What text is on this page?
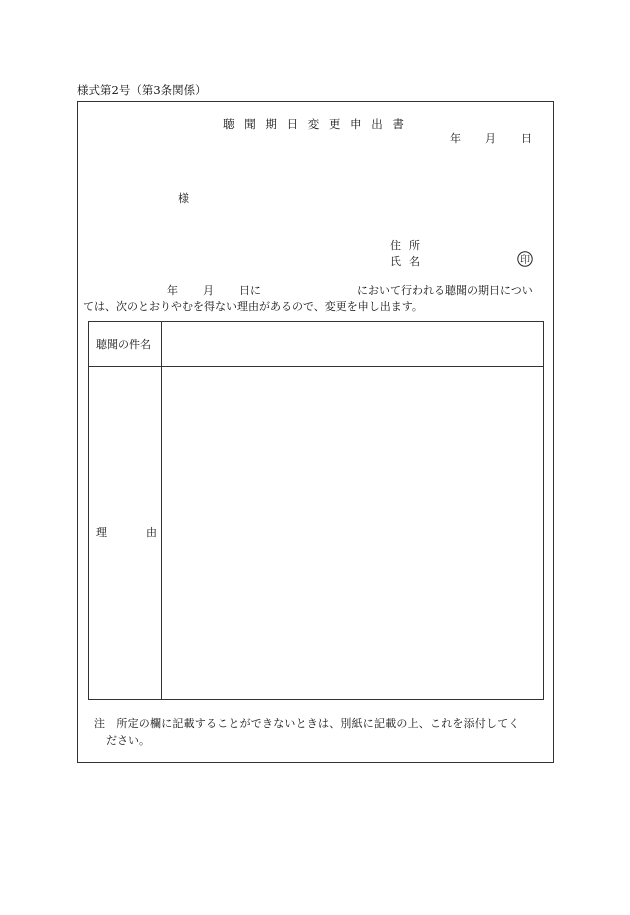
様式第2号（第3条関係）
聴 聞 期 日 変 更 申 出 書
年 月 日
様
住所
氏名	印
年 月 日に	において行われる聴聞の期日につい
ては、次のとおりやむを得ない理由があるので、変更を申し出ます。
聴聞の件名
理	由
注　所定の欄に記載することができないときは、別紙に記載の上、これを添付してく
ださい。
